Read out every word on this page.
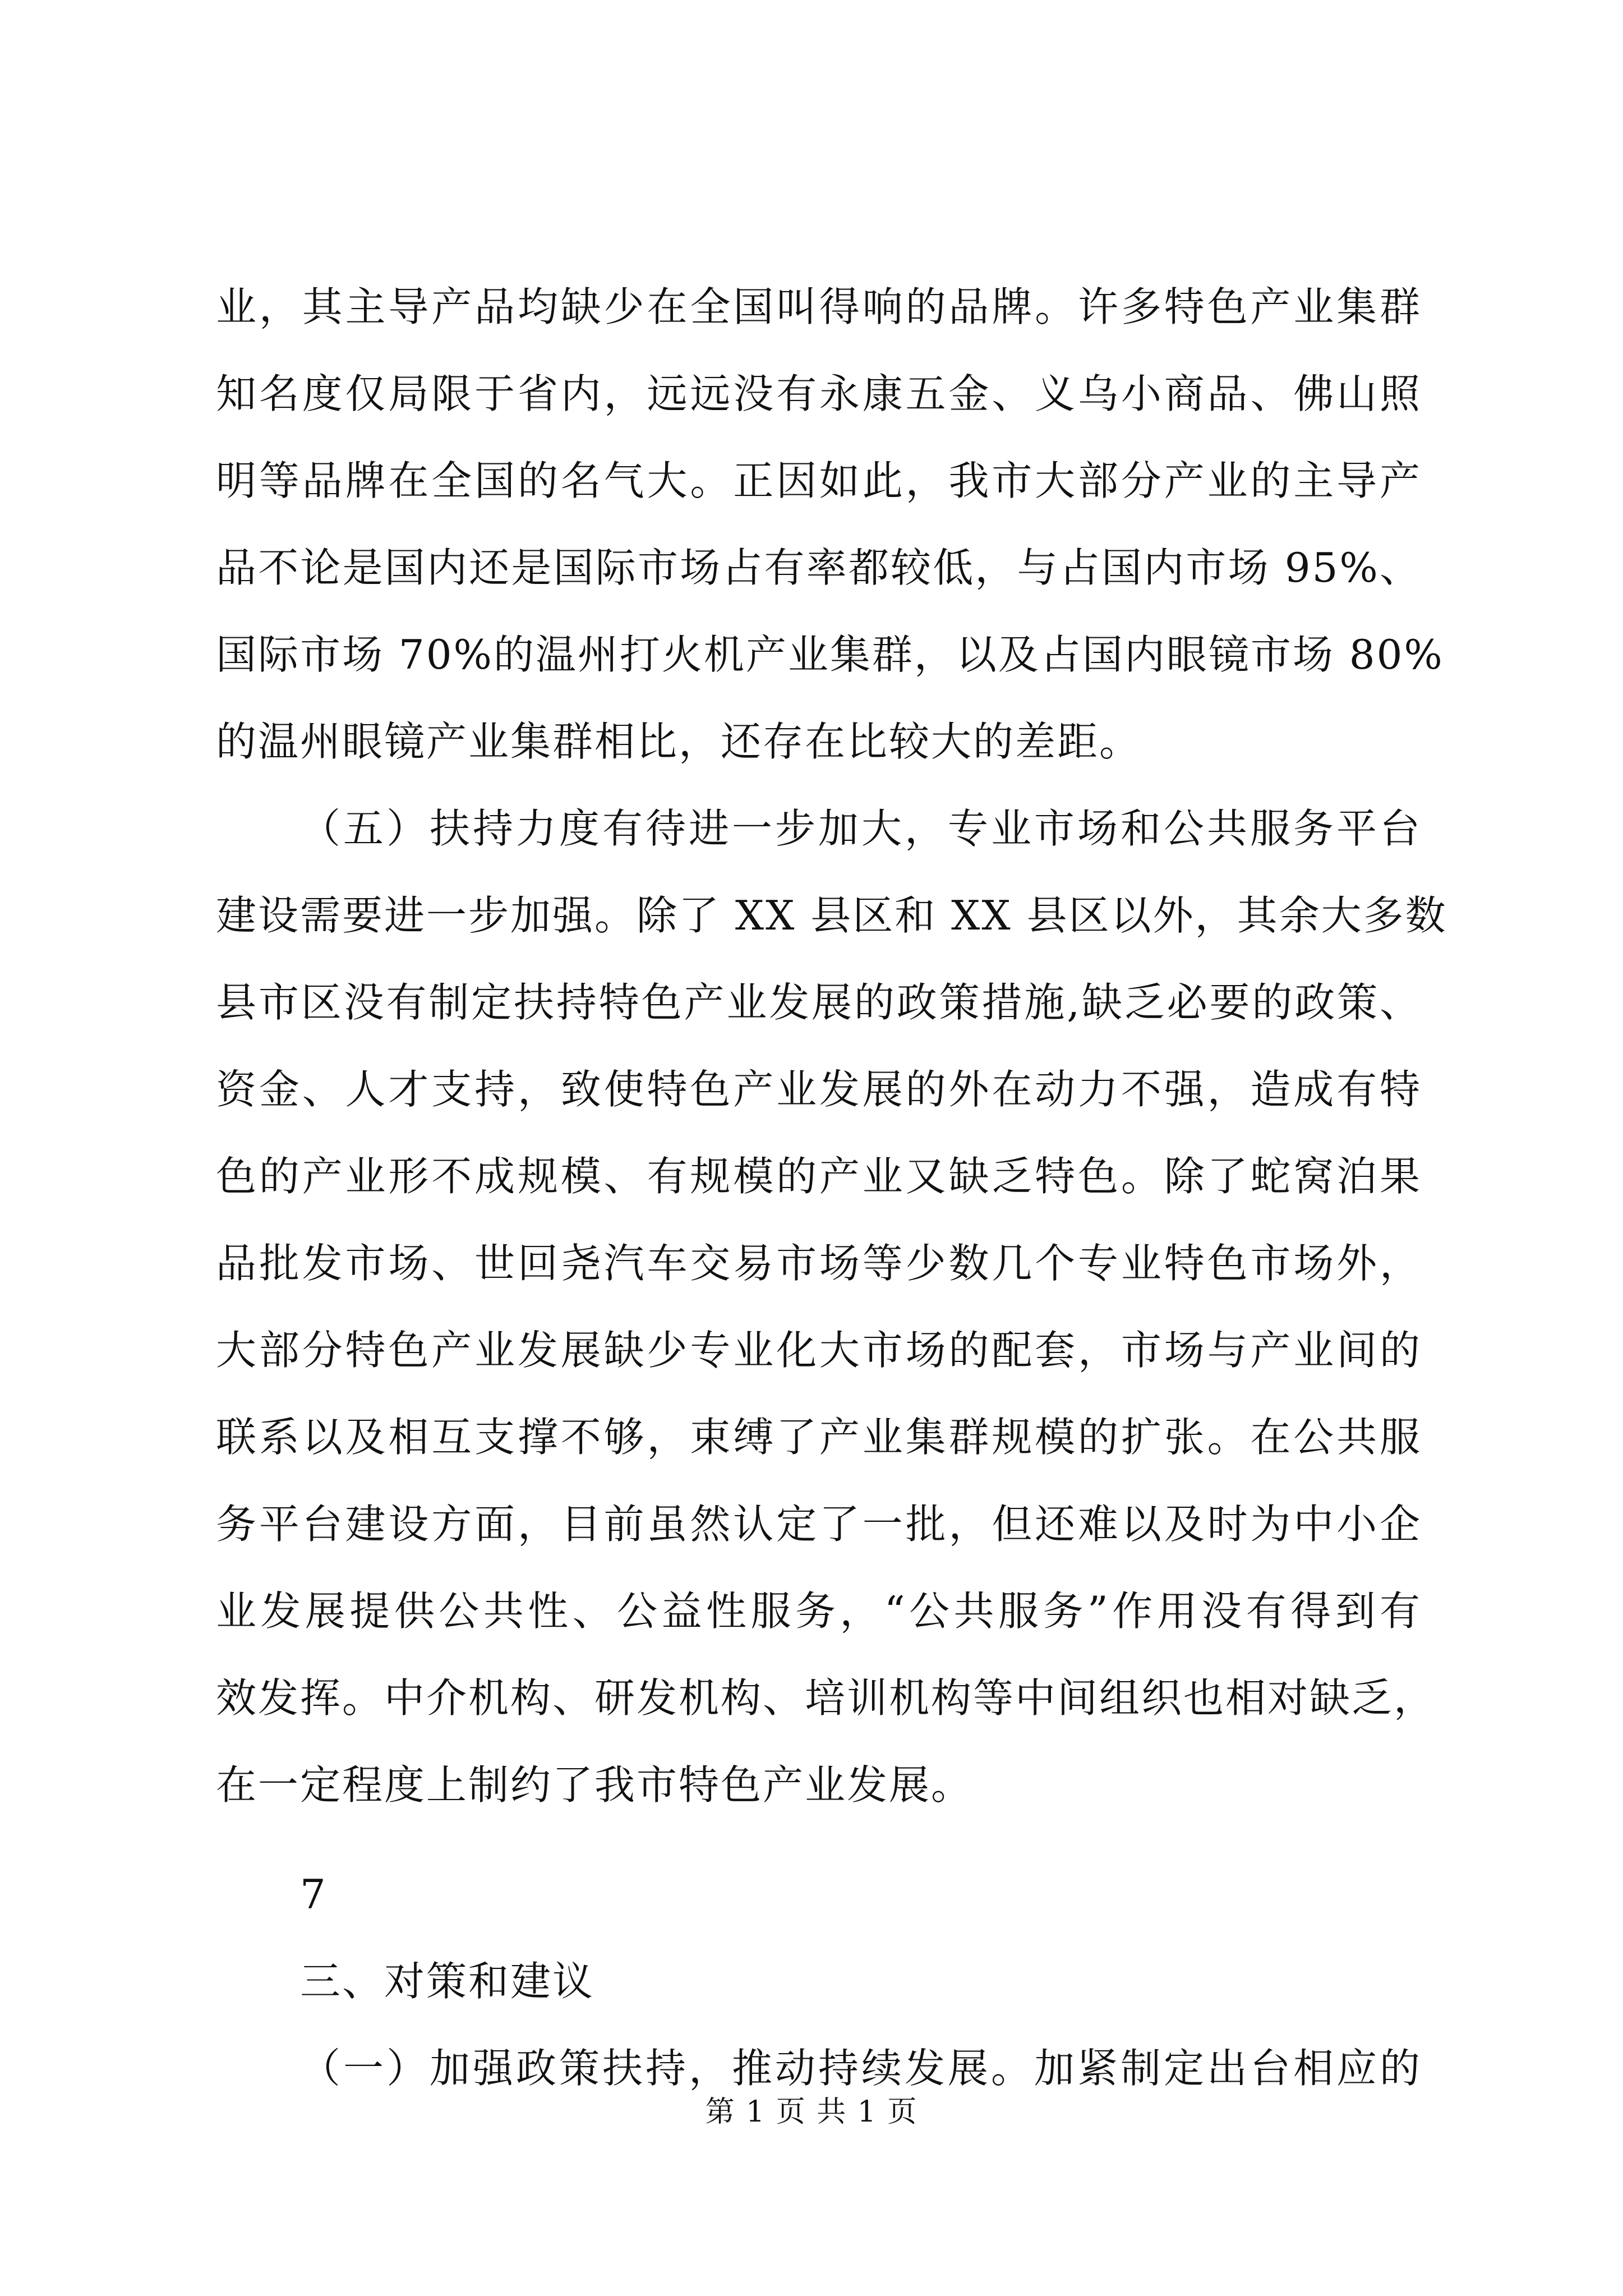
业，其主导产品均缺少在全国叫得响的品牌。许多特色产业集群
知名度仅局限于省内，远远没有永康五金、义乌小商品、佛山照
明等品牌在全国的名气大。正因如此，我市大部分产业的主导产
品不论是国内还是国际市场占有率都较低，与占国内市场 95%、
国际市场 70%的温州打火机产业集群，以及占国内眼镜市场 80%
的温州眼镜产业集群相比，还存在比较大的差距。
（五）扶持力度有待进一步加大，专业市场和公共服务平台
建设需要进一步加强。除了 XX 县区和 XX 县区以外，其余大多数
县市区没有制定扶持特色产业发展的政策措施,缺乏必要的政策、
资金、人才支持，致使特色产业发展的外在动力不强，造成有特
色的产业形不成规模、有规模的产业又缺乏特色。除了蛇窝泊果
品批发市场、世回尧汽车交易市场等少数几个专业特色市场外，
大部分特色产业发展缺少专业化大市场的配套，市场与产业间的
联系以及相互支撑不够，束缚了产业集群规模的扩张。在公共服
务平台建设方面，目前虽然认定了一批，但还难以及时为中小企
业发展提供公共性、公益性服务，“公共服务”作用没有得到有
效发挥。中介机构、研发机构、培训机构等中间组织也相对缺乏，
在一定程度上制约了我市特色产业发展。
7
三、对策和建议
（一）加强政策扶持，推动持续发展。加紧制定出台相应的
第 1 页 共 1 页
